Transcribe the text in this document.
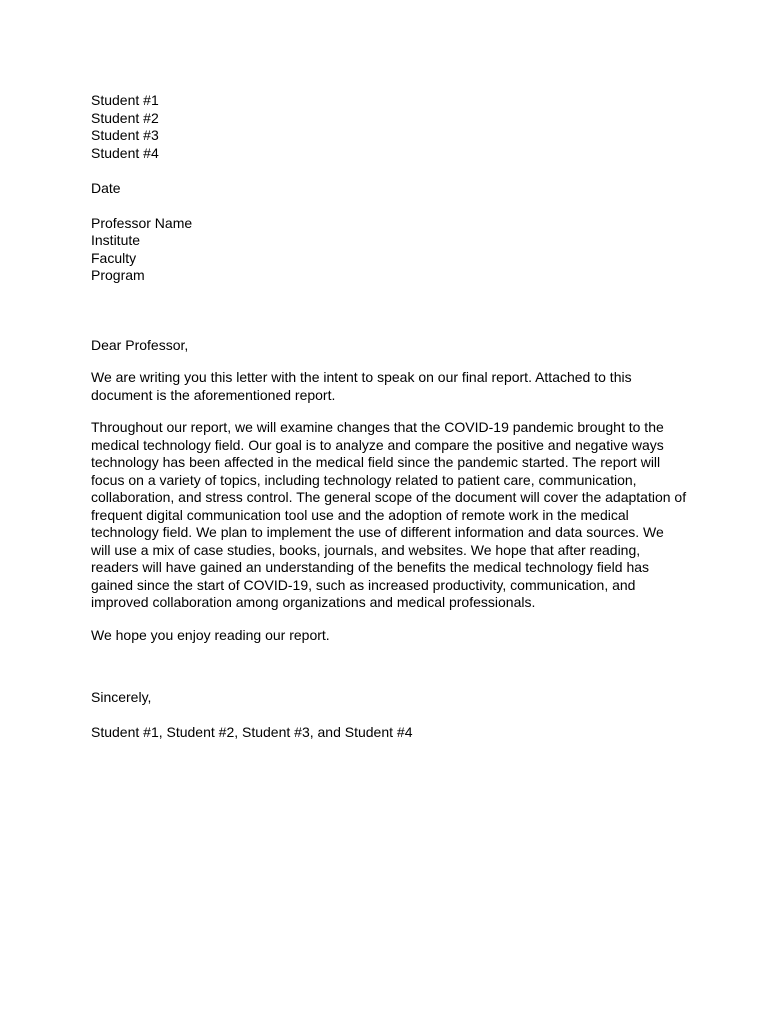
Student #1
Student #2
Student #3
Student #4
Date
Professor Name
Institute
Faculty
Program
Dear Professor,

We are writing you this letter with the intent to speak on our final report. Attached to this
document is the aforementioned report.

Throughout our report, we will examine changes that the COVID-19 pandemic brought to the
medical technology field. Our goal is to analyze and compare the positive and negative ways
technology has been affected in the medical field since the pandemic started. The report will
focus on a variety of topics, including technology related to patient care, communication,
collaboration, and stress control. The general scope of the document will cover the adaptation of
frequent digital communication tool use and the adoption of remote work in the medical
technology field. We plan to implement the use of different information and data sources. We
will use a mix of case studies, books, journals, and websites. We hope that after reading,
readers will have gained an understanding of the benefits the medical technology field has
gained since the start of COVID-19, such as increased productivity, communication, and
improved collaboration among organizations and medical professionals.

We hope you enjoy reading our report.

Sincerely,
Student #1, Student #2, Student #3, and Student #4
